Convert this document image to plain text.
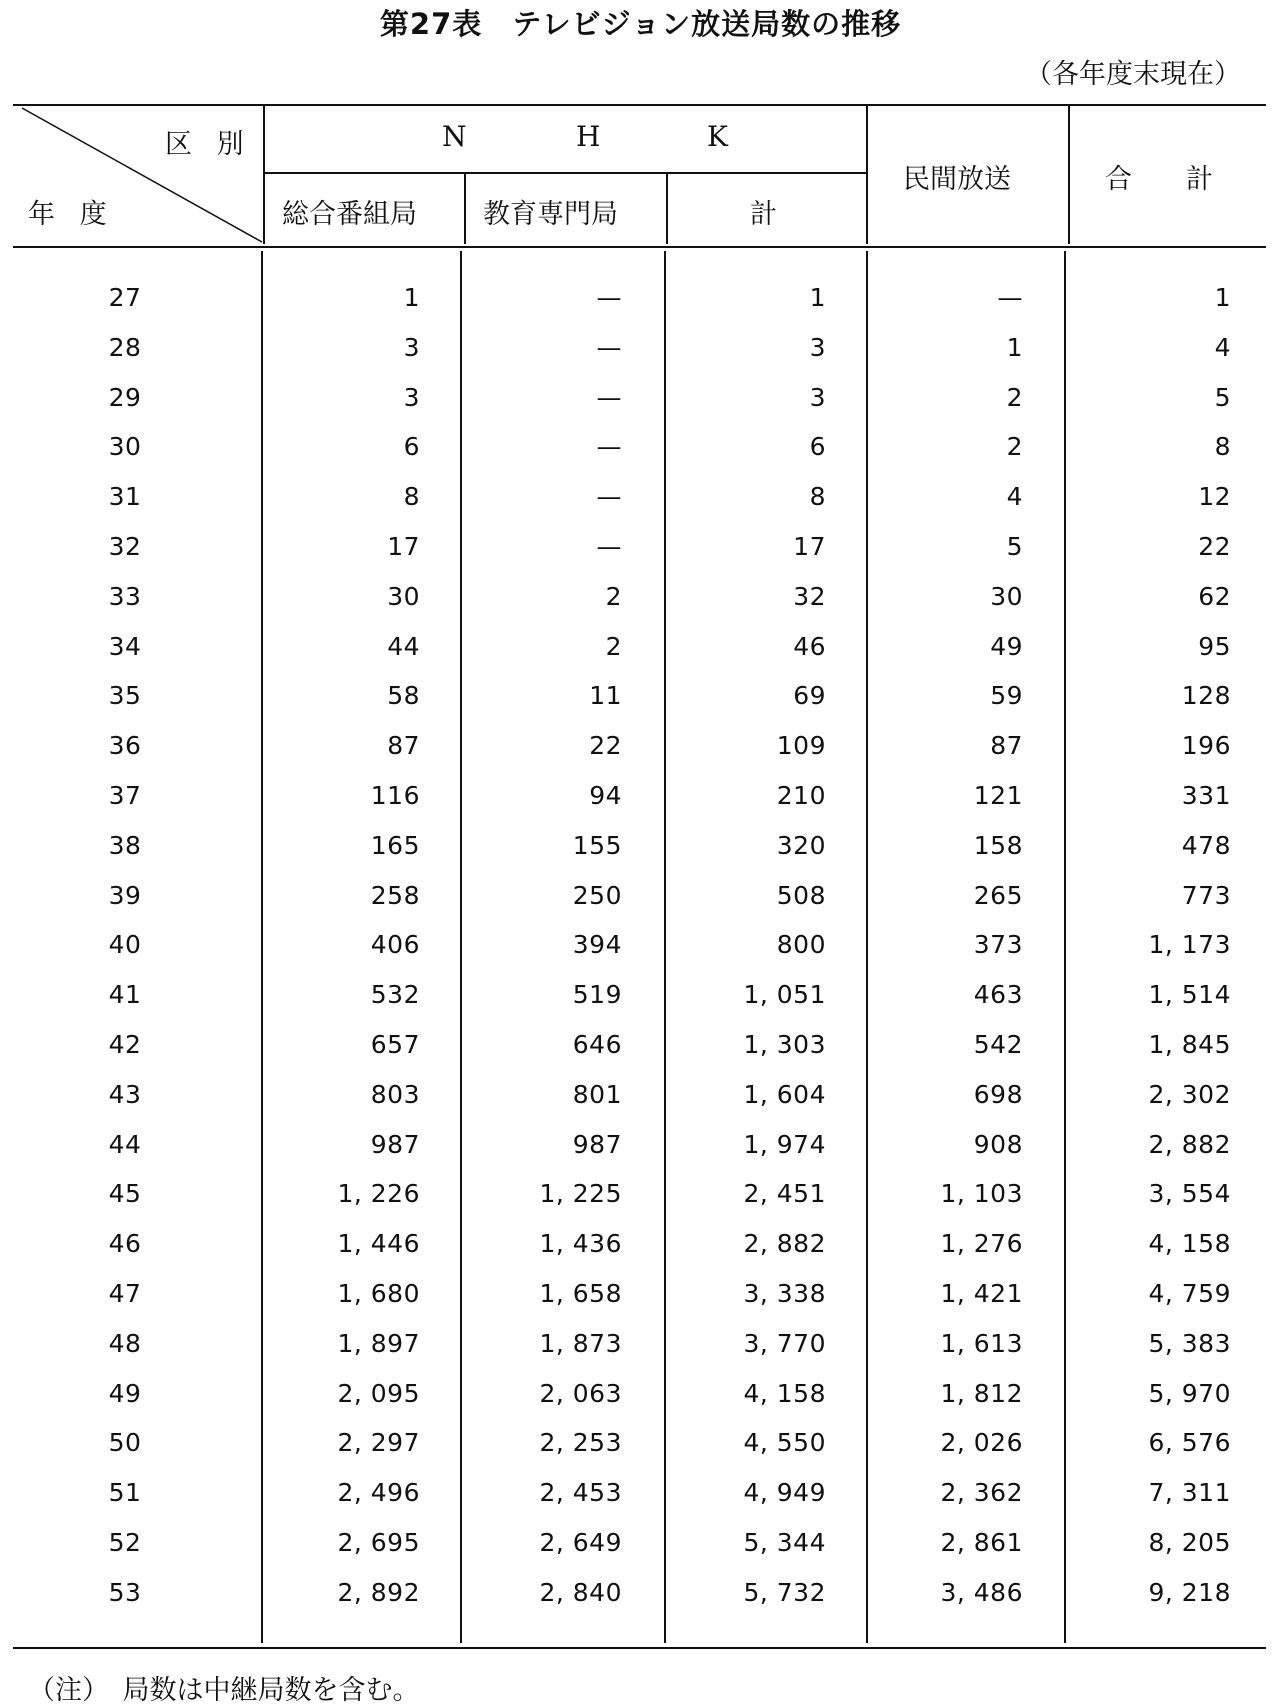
第27表　テレビジョン放送局数の推移
（各年度末現在）
区 別
年 度
N	H	K
総合番組局 教育専門局	計
民間放送	合　　計
27	1	—	1	—	1
28	3	—	3	1	4
29	3	—	3	2	5
30	6	—	6	2	8
31	8	—	8	4	12
32	17	—	17	5	22
33	30	2	32	30	62
34	44	2	46	49	95
35	58	11	69	59	128
36	87	22	109	87	196
37	116	94	210	121	331
38	165	155	320	158	478
39	258	250	508	265	773
40	406	394	800	373	1, 173
41	532	519	1, 051	463	1, 514
42	657	646	1, 303	542	1, 845
43	803	801	1, 604	698	2, 302
44	987	987	1, 974	908	2, 882
45	1, 226	1, 225	2, 451	1, 103	3, 554
46	1, 446	1, 436	2, 882	1, 276	4, 158
47	1, 680	1, 658	3, 338	1, 421	4, 759
48	1, 897	1, 873	3, 770	1, 613	5, 383
49	2, 095	2, 063	4, 158	1, 812	5, 970
50	2, 297	2, 253	4, 550	2, 026	6, 576
51	2, 496	2, 453	4, 949	2, 362	7, 311
52	2, 695	2, 649	5, 344	2, 861	8, 205
53	2, 892	2, 840	5, 732	3, 486	9, 218
（注）　局数は中継局数を含む。
